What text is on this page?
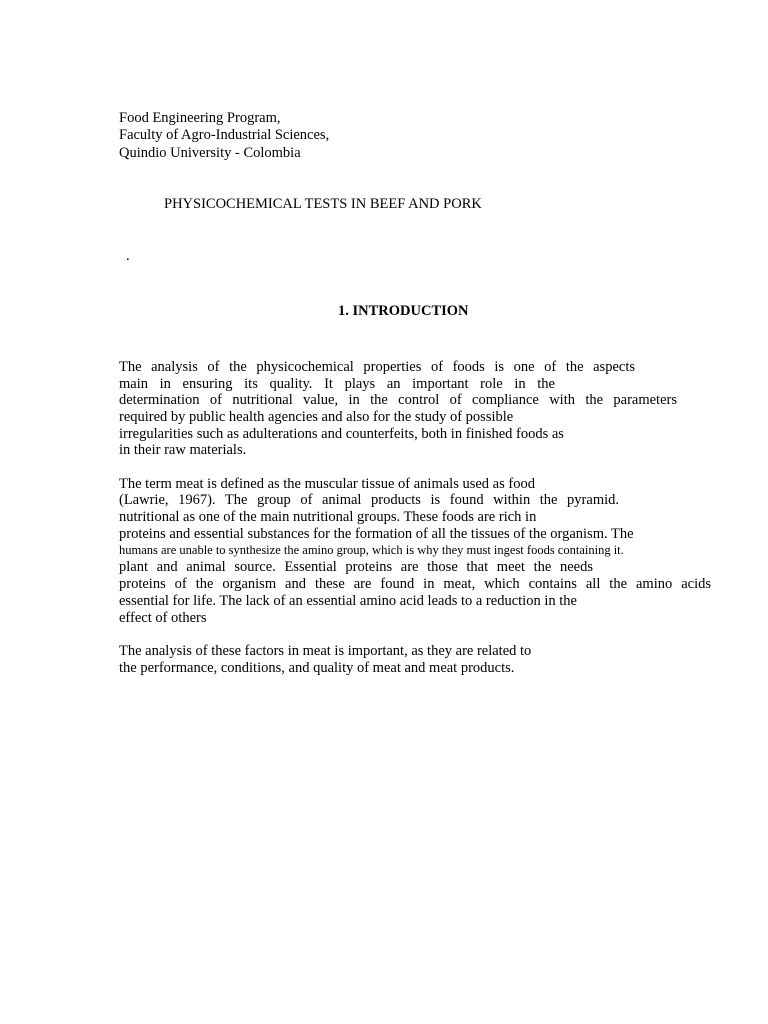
Food Engineering Program,

Faculty of Agro-Industrial Sciences,

Quindio University - Colombia

PHYSICOCHEMICAL TESTS IN BEEF AND PORK

.

1. INTRODUCTION

The analysis of the physicochemical properties of foods is one of the aspects

main in ensuring its quality. It plays an important role in the

determination of nutritional value, in the control of compliance with the parameters

required by public health agencies and also for the study of possible

irregularities such as adulterations and counterfeits, both in finished foods as

in their raw materials.

The term meat is defined as the muscular tissue of animals used as food

(Lawrie, 1967). The group of animal products is found within the pyramid.

nutritional as one of the main nutritional groups. These foods are rich in

proteins and essential substances for the formation of all the tissues of the organism. The

humans are unable to synthesize the amino group, which is why they must ingest foods containing it.

plant and animal source. Essential proteins are those that meet the needs

proteins of the organism and these are found in meat, which contains all the amino acids

essential for life. The lack of an essential amino acid leads to a reduction in the

effect of others

The analysis of these factors in meat is important, as they are related to

the performance, conditions, and quality of meat and meat products.
